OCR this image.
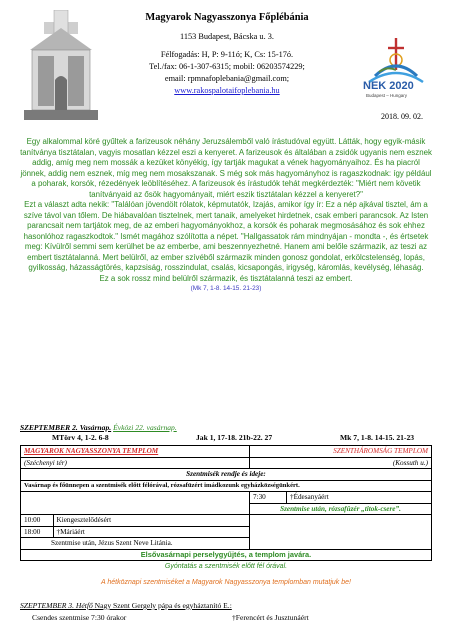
Magyarok Nagyasszonya Főplébánia
1153 Budapest, Bácska u. 3.
Félfogadás: H, P: 9-11ó; K, Cs: 15-17ó.
Tel./fax: 06-1-307-6315; mobil: 06203574229;
email: rpmnafoplebania@gmail.com;
www.rakospalotaifoplebania.hu	NEK 2020
Budapest – Hungary
2018. 09. 02.

Egy alkalommal köré gyűltek a farizeusok néhány Jeruzsálemből való írástudóval együtt. Látták, hogy egyik-másik tanítványa tisztátalan, vagyis mosatlan kézzel eszi a kenyeret. A farizeusok és általában a zsidók ugyanis nem esznek addig, amíg meg nem mossák a kezüket könyékig, így tartják magukat a vének hagyományaihoz. És ha piacról jönnek, addig nem esznek, míg meg nem mosakszanak. S még sok más hagyományhoz is ragaszkodnak: így például a poharak, korsók, rézedények leöblítéséhez. A farizeusok és írástudók tehát megkérdezték: "Miért nem követik tanítványaid az ősök hagyományait, miért eszik tisztátalan kézzel a kenyeret?"

Ezt a választ adta nekik: "Találóan jövendölt rólatok, képmutatók, Izajás, amikor így ír: Ez a nép ajkával tisztel, ám a szíve távol van tőlem. De hiábavalóan tisztelnek, mert tanaik, amelyeket hirdetnek, csak emberi parancsok. Az Isten parancsait nem tartjátok meg, de az emberi hagyományokhoz, a korsók és poharak megmosásához és sok ehhez hasonlóhoz ragaszkodtok." Ismét magához szólította a népet. "Hallgassatok rám mindnyájan - mondta -, és értsetek meg: Kívülről semmi sem kerülhet be az emberbe, ami beszennyezhetné. Hanem ami belőle származik, az teszi az embert tisztátalanná. Mert belülről, az ember szívéből származik minden gonosz gondolat, erkölcstelenség, lopás, gyilkosság, házasságtörés, kapzsiság, rosszindulat, csalás, kicsapongás, irigység, káromlás, kevélység, léhaság.

Ez a sok rossz mind belülről származik, és tisztátalanná teszi az embert.

(Mk 7, 1-8. 14-15. 21-23)
SZEPTEMBER 2. Vasárnap. Évközi 22. vasárnap.
MTörv 4, 1-2. 6-8	Jak 1, 17-18. 21b-22. 27	Mk 7, 1-8. 14-15. 21-23
MAGYAROK NAGYASSZONYA TEMPLOM		SZENTHÁROMSÁG TEMPLOM	
(Széchenyi tér)		(Kossuth u.)	
Szentmisék rendje és ideje:			
Vasárnap és főünnepen a szentmisék előtt félórával, rózsafüzért imádkozunk egyházközségünkért.			
		7:30	†Édesanyáért
		Szentmise után, rózsafüzér „titok-csere”.	
10:00	Kiengesztelődésért		
18:00	†Máriáért		
Szentmise után, Jézus Szent Neve Litánia.			
Elsővasárnapi perselygyűjtés, a templom javára.			
Gyóntatás a szentmisék előtt fél órával.
A hétköznapi szentmiséket a Magyarok Nagyasszonya templomban mutatjuk be!
SZEPTEMBER 3. Hétfő Nagy Szent Gergely pápa és egyháztanító E.:
Csendes szentmise 7:30 órakor	†Ferencért és Jusztunáért
